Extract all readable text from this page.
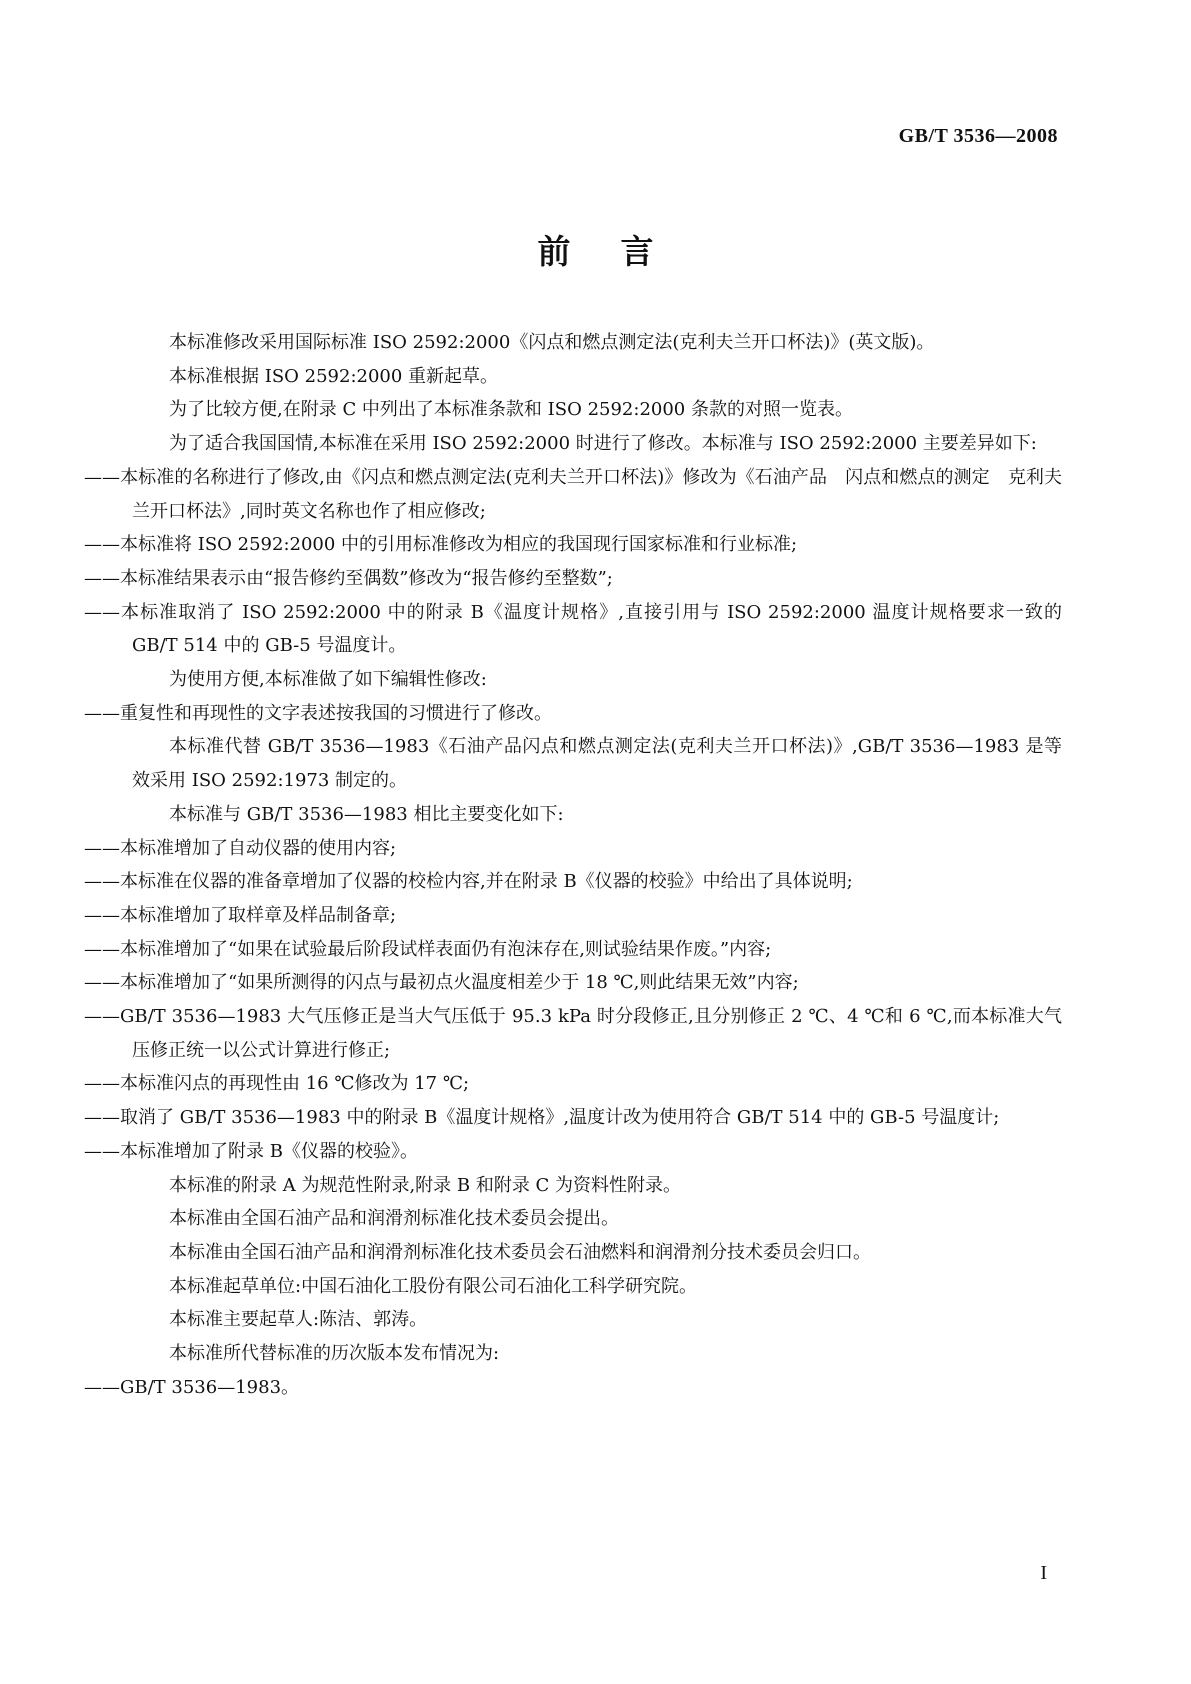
GB/T 3536—2008
前言

本标准修改采用国际标准 ISO 2592:2000《闪点和燃点测定法(克利夫兰开口杯法)》(英文版)。

本标准根据 ISO 2592:2000 重新起草。

为了比较方便,在附录 C 中列出了本标准条款和 ISO 2592:2000 条款的对照一览表。

为了适合我国国情,本标准在采用 ISO 2592:2000 时进行了修改。本标准与 ISO 2592:2000 主要差异如下:

——本标准的名称进行了修改,由《闪点和燃点测定法(克利夫兰开口杯法)》修改为《石油产品　闪点和燃点的测定　克利夫兰开口杯法》,同时英文名称也作了相应修改;

——本标准将 ISO 2592:2000 中的引用标准修改为相应的我国现行国家标准和行业标准;

——本标准结果表示由“报告修约至偶数”修改为“报告修约至整数”;

——本标准取消了 ISO 2592:2000 中的附录 B《温度计规格》,直接引用与 ISO 2592:2000 温度计规格要求一致的 GB/T 514 中的 GB-5 号温度计。

为使用方便,本标准做了如下编辑性修改:

——重复性和再现性的文字表述按我国的习惯进行了修改。

本标准代替 GB/T 3536—1983《石油产品闪点和燃点测定法(克利夫兰开口杯法)》,GB/T 3536—1983 是等效采用 ISO 2592:1973 制定的。

本标准与 GB/T 3536—1983 相比主要变化如下:

——本标准增加了自动仪器的使用内容;

——本标准在仪器的准备章增加了仪器的校检内容,并在附录 B《仪器的校验》中给出了具体说明;

——本标准增加了取样章及样品制备章;

——本标准增加了“如果在试验最后阶段试样表面仍有泡沫存在,则试验结果作废。”内容;

——本标准增加了“如果所测得的闪点与最初点火温度相差少于 18 ℃,则此结果无效”内容;

——GB/T 3536—1983 大气压修正是当大气压低于 95.3 kPa 时分段修正,且分别修正 2 ℃、4 ℃和 6 ℃,而本标准大气压修正统一以公式计算进行修正;

——本标准闪点的再现性由 16 ℃修改为 17 ℃;

——取消了 GB/T 3536—1983 中的附录 B《温度计规格》,温度计改为使用符合 GB/T 514 中的 GB-5 号温度计;

——本标准增加了附录 B《仪器的校验》。

本标准的附录 A 为规范性附录,附录 B 和附录 C 为资料性附录。

本标准由全国石油产品和润滑剂标准化技术委员会提出。

本标准由全国石油产品和润滑剂标准化技术委员会石油燃料和润滑剂分技术委员会归口。

本标准起草单位:中国石油化工股份有限公司石油化工科学研究院。

本标准主要起草人:陈洁、郭涛。

本标准所代替标准的历次版本发布情况为:

——GB/T 3536—1983。

I
